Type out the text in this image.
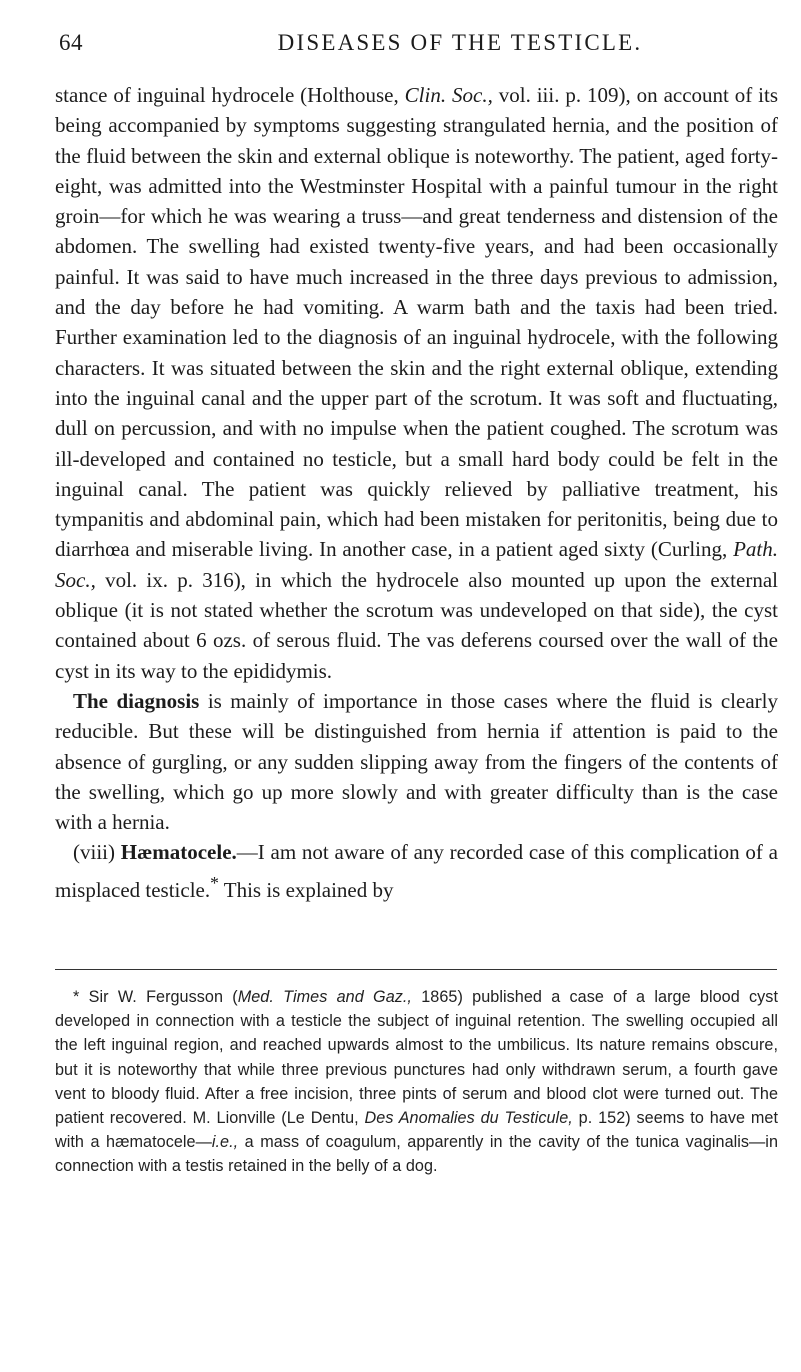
64	DISEASES OF THE TESTICLE.

stance of inguinal hydrocele (Holthouse, Clin. Soc., vol. iii. p. 109), on account of its being accompanied by symptoms suggesting strangulated hernia, and the position of the fluid between the skin and external oblique is noteworthy. The patient, aged forty-eight, was admitted into the Westminster Hospital with a painful tumour in the right groin—for which he was wearing a truss—and great tenderness and distension of the abdomen. The swelling had existed twenty-five years, and had been occasionally painful. It was said to have much increased in the three days previous to admission, and the day before he had vomiting. A warm bath and the taxis had been tried. Further examination led to the diagnosis of an inguinal hydrocele, with the following characters. It was situated between the skin and the right external oblique, extending into the inguinal canal and the upper part of the scrotum. It was soft and fluctuating, dull on percussion, and with no impulse when the patient coughed. The scrotum was ill-developed and contained no testicle, but a small hard body could be felt in the inguinal canal. The patient was quickly relieved by palliative treatment, his tympanitis and abdominal pain, which had been mistaken for peritonitis, being due to diarrhœa and miserable living. In another case, in a patient aged sixty (Curling, Path. Soc., vol. ix. p. 316), in which the hydrocele also mounted up upon the external oblique (it is not stated whether the scrotum was undeveloped on that side), the cyst contained about 6 ozs. of serous fluid. The vas deferens coursed over the wall of the cyst in its way to the epididymis.

The diagnosis is mainly of importance in those cases where the fluid is clearly reducible. But these will be distinguished from hernia if attention is paid to the absence of gurgling, or any sudden slipping away from the fingers of the contents of the swelling, which go up more slowly and with greater difficulty than is the case with a hernia.

(viii) Hæmatocele.—I am not aware of any recorded case of this complication of a misplaced testicle.* This is explained by

* Sir W. Fergusson (Med. Times and Gaz., 1865) published a case of a large blood cyst developed in connection with a testicle the subject of inguinal retention. The swelling occupied all the left inguinal region, and reached upwards almost to the umbilicus. Its nature remains obscure, but it is noteworthy that while three previous punctures had only withdrawn serum, a fourth gave vent to bloody fluid. After a free incision, three pints of serum and blood clot were turned out. The patient recovered. M. Lionville (Le Dentu, Des Anomalies du Testicule, p. 152) seems to have met with a hæmatocele—i.e., a mass of coagulum, apparently in the cavity of the tunica vaginalis—in connection with a testis retained in the belly of a dog.
